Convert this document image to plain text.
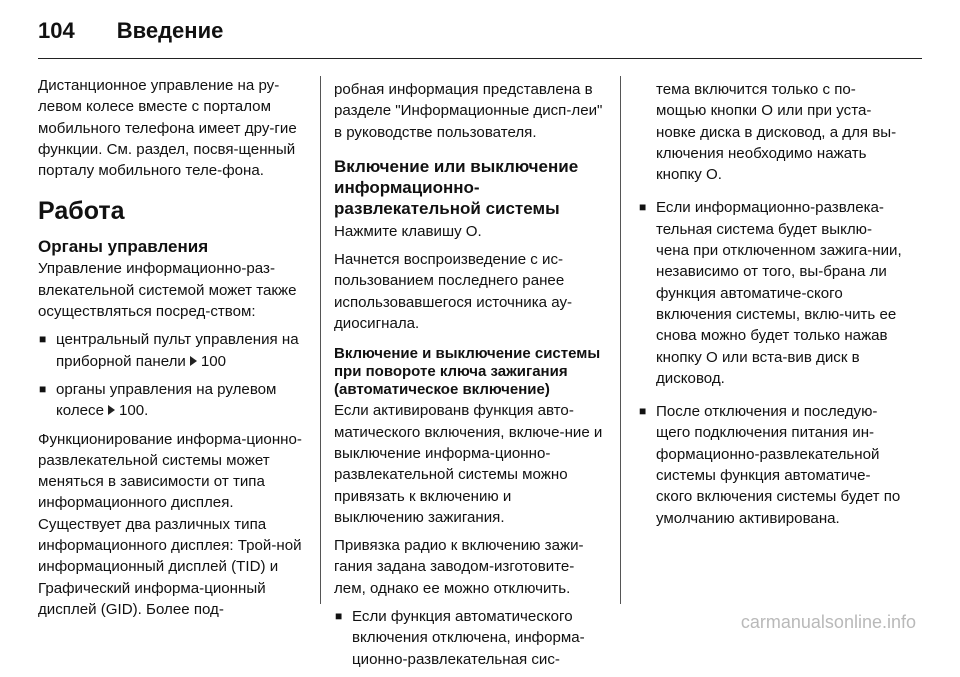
104 Введение

Дистанционное управление на ру-левом колесе вместе с порталом мобильного телефона имеет дру-гие функции. См. раздел, посвя-щенный порталу мобильного теле-фона.

Работа
Органы управления

Управление информационно-раз-влекательной системой может также осуществляться посред-ством:

■ центральный пульт управления на приборной панели 100
■ органы управления на рулевом колесе 100.

Функционирование информа-ционно-развлекательной системы может меняться в зависимости от типа информационного дисплея. Существует два различных типа информационного дисплея: Трой-ной информационный дисплей (TID) и Графический информа-ционный дисплей (GID). Более под-

робная информация представлена в разделе "Информационные дисп-леи" в руководстве пользователя.

Включение или выключение информационно-развлекательной системы

Нажмите клавишу O.

Начнется воспроизведение с ис-пользованием последнего ранее использовавшегося источника ау-диосигнала.

Включение и выключение системы при повороте ключа зажигания (автоматическое включение)

Если активированв функция авто-матического включения, включе-ние и выключение информа-ционно-развлекательной системы можно привязать к включению и выключению зажигания.

Привязка радио к включению зажи-гания задана заводом-изготовите-лем, однако ее можно отключить.

■ Если функция автоматического включения отключена, информа-ционно-развлекательная сис-

тема включится только с по-мощью кнопки O или при уста-новке диска в дисковод, а для вы-ключения необходимо нажать кнопку O.

■ Если информационно-развлека-тельная система будет выклю-чена при отключенном зажига-нии, независимо от того, вы-брана ли функция автоматиче-ского включения системы, вклю-чить ее снова можно будет только нажав кнопку O или вста-вив диск в дисковод.
■ После отключения и последую-щего подключения питания ин-формационно-развлекательной системы функция автоматиче-ского включения системы будет по умолчанию активирована.
carmanualsonline.info
